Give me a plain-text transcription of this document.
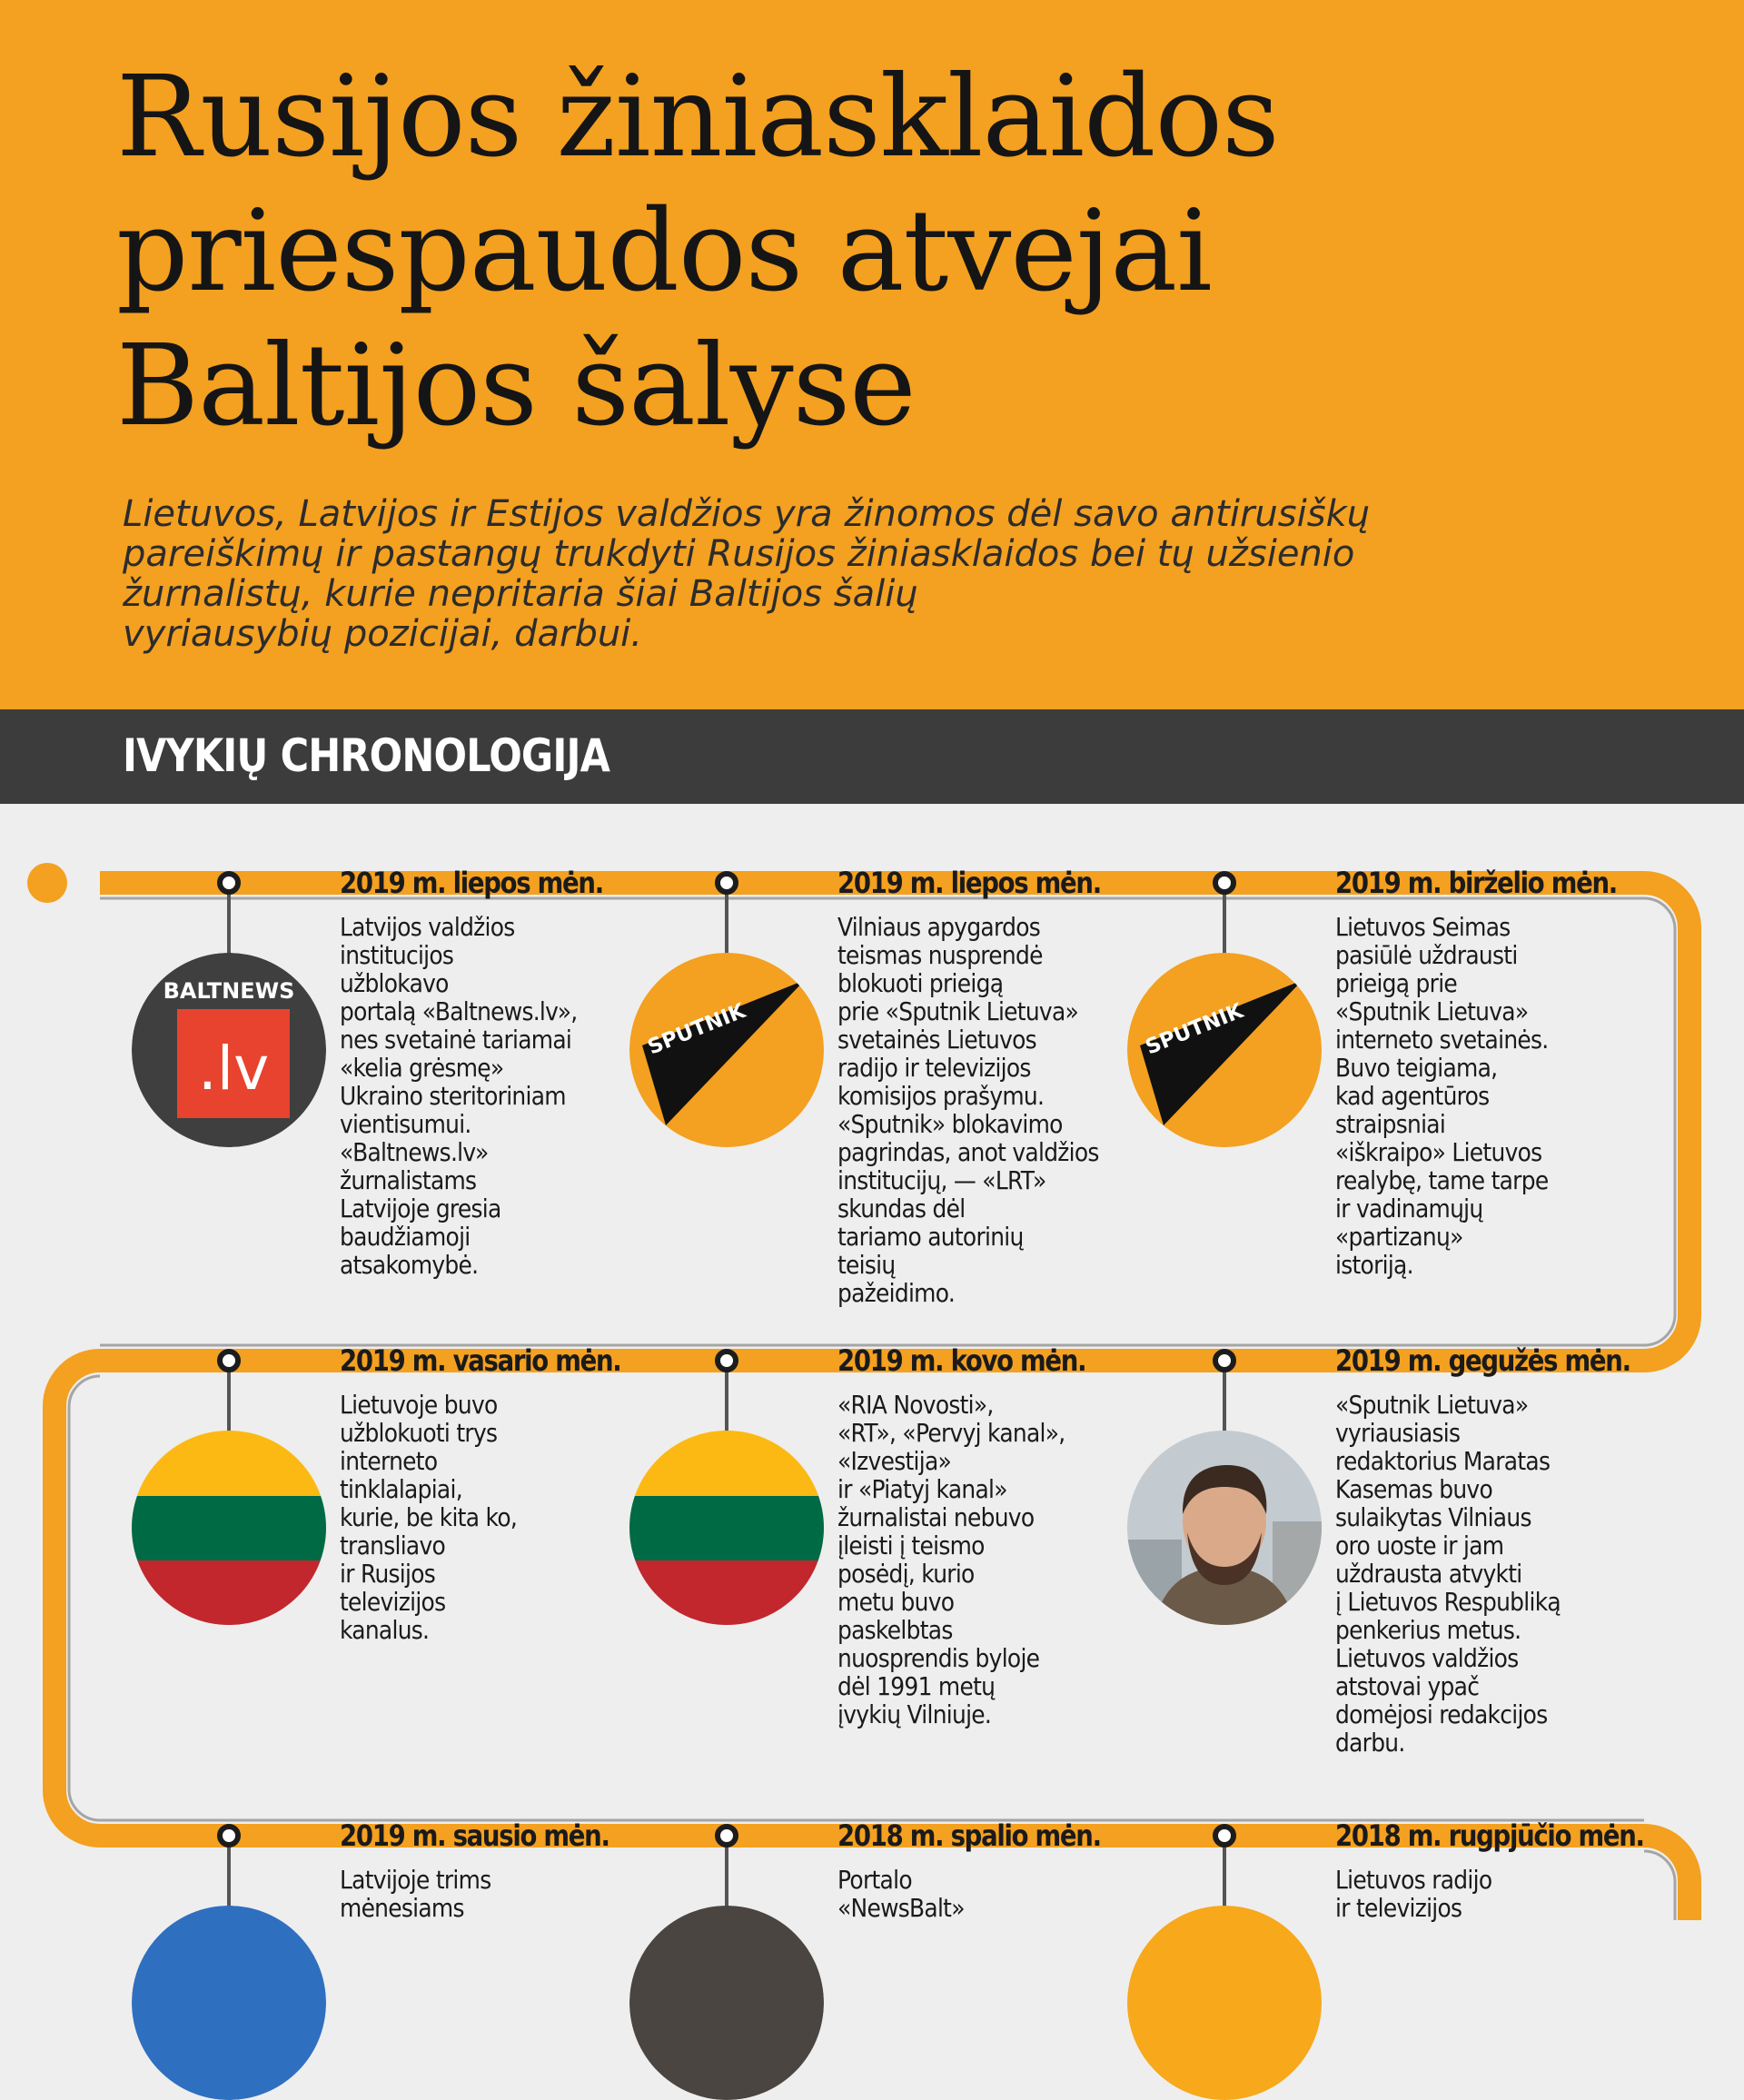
Rusijos žiniasklaidos
priespaudos atvejai
Baltijos šalyse
Lietuvos, Latvijos ir Estijos valdžios yra žinomos dėl savo antirusiškų
pareiškimų ir pastangų trukdyti Rusijos žiniasklaidos bei tų užsienio
žurnalistų, kurie nepritaria šiai Baltijos šalių
vyriausybių pozicijai, darbui.
IVYKIŲ CHRONOLOGIJA
BALTNEWS
.lv
2019 m. liepos mėn.
Latvijos valdžios
institucijos
užblokavo
portalą «Baltnews.lv»,
nes svetainė tariamai
«kelia grėsmę»
Ukraino steritoriniam
vientisumui.
«Baltnews.lv»
žurnalistams
Latvijoje gresia
baudžiamoji
atsakomybė.
SPUTNIK
2019 m. liepos mėn.
Vilniaus apygardos
teismas nusprendė
blokuoti prieigą
prie «Sputnik Lietuva»
svetainės Lietuvos
radijo ir televizijos
komisijos prašymu.
«Sputnik» blokavimo
pagrindas, anot valdžios
institucijų, — «LRT»
skundas dėl
tariamo autorinių
teisių
pažeidimo.
SPUTNIK
2019 m. birželio mėn.
Lietuvos Seimas
pasiūlė uždrausti
prieigą prie
«Sputnik Lietuva»
interneto svetainės.
Buvo teigiama,
kad agentūros
straipsniai
«iškraipo» Lietuvos
realybę, tame tarpe
ir vadinamųjų
«partizanų»
istoriją.
2019 m. vasario mėn.
Lietuvoje buvo
užblokuoti trys
interneto
tinklalapiai,
kurie, be kita ko,
transliavo
ir Rusijos
televizijos
kanalus.
2019 m. kovo mėn.
«RIA Novosti»,
«RT», «Pervyj kanal»,
«Izvestija»
ir «Piatyj kanal»
žurnalistai nebuvo
įleisti į teismo
posėdį, kurio
metu buvo
paskelbtas
nuosprendis byloje
dėl 1991 metų
įvykių Vilniuje.
2019 m. gegužės mėn.
«Sputnik Lietuva»
vyriausiasis
redaktorius Maratas
Kasemas buvo
sulaikytas Vilniaus
oro uoste ir jam
uždrausta atvykti
į Lietuvos Respubliką
penkerius metus.
Lietuvos valdžios
atstovai ypač
domėjosi redakcijos
darbu.
2019 m. sausio mėn.
Latvijoje trims
mėnesiams
2018 m. spalio mėn.
Portalo
«NewsBalt»
2018 m. rugpjūčio mėn.
Lietuvos radijo
ir televizijos
